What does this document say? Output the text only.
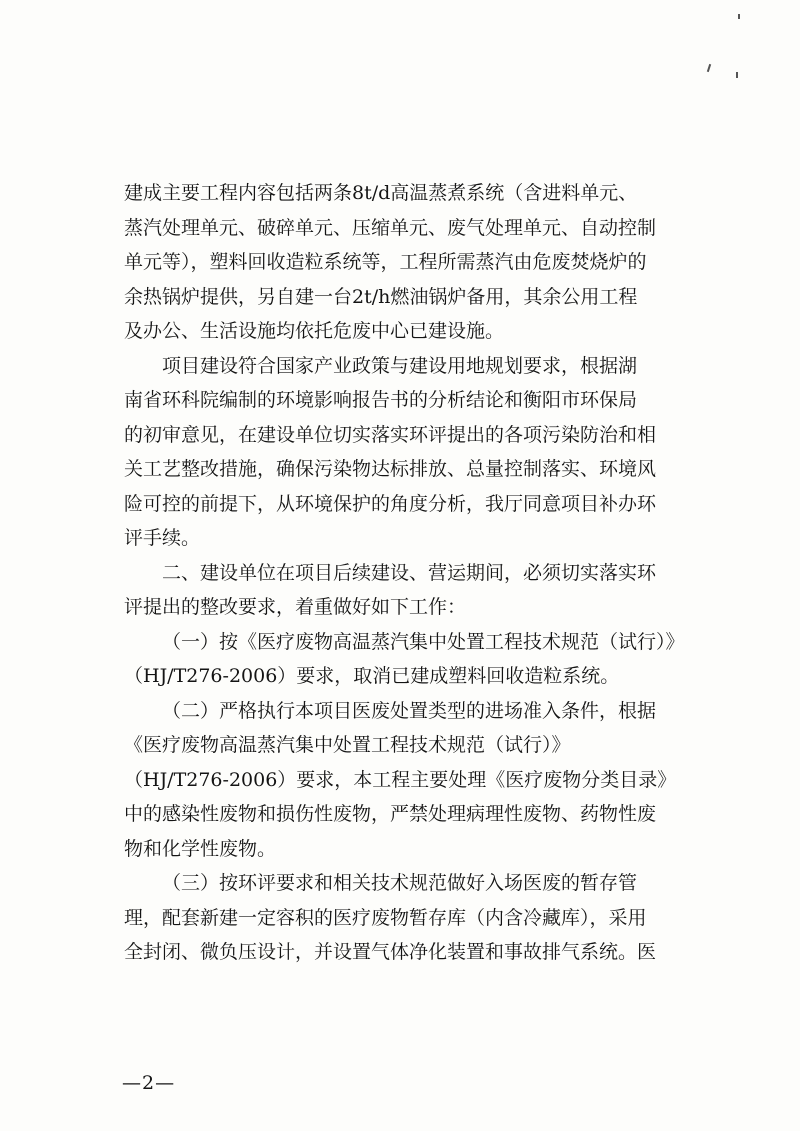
建成主要工程内容包括两条8t/d高温蒸煮系统（含进料单元、
蒸汽处理单元、破碎单元、压缩单元、废气处理单元、自动控制
单元等），塑料回收造粒系统等，工程所需蒸汽由危废焚烧炉的
余热锅炉提供，另自建一台2t/h燃油锅炉备用，其余公用工程
及办公、生活设施均依托危废中心已建设施。

项目建设符合国家产业政策与建设用地规划要求，根据湖
南省环科院编制的环境影响报告书的分析结论和衡阳市环保局
的初审意见，在建设单位切实落实环评提出的各项污染防治和相
关工艺整改措施，确保污染物达标排放、总量控制落实、环境风
险可控的前提下，从环境保护的角度分析，我厅同意项目补办环
评手续。

二、建设单位在项目后续建设、营运期间，必须切实落实环
评提出的整改要求，着重做好如下工作：

（一）按《医疗废物高温蒸汽集中处置工程技术规范（试行）》
（HJ/T276-2006）要求，取消已建成塑料回收造粒系统。

（二）严格执行本项目医废处置类型的进场准入条件，根据
《医疗废物高温蒸汽集中处置工程技术规范（试行）》
（HJ/T276-2006）要求，本工程主要处理《医疗废物分类目录》
中的感染性废物和损伤性废物，严禁处理病理性废物、药物性废
物和化学性废物。

（三）按环评要求和相关技术规范做好入场医废的暂存管
理，配套新建一定容积的医疗废物暂存库（内含冷藏库），采用
全封闭、微负压设计，并设置气体净化装置和事故排气系统。医

—2—
